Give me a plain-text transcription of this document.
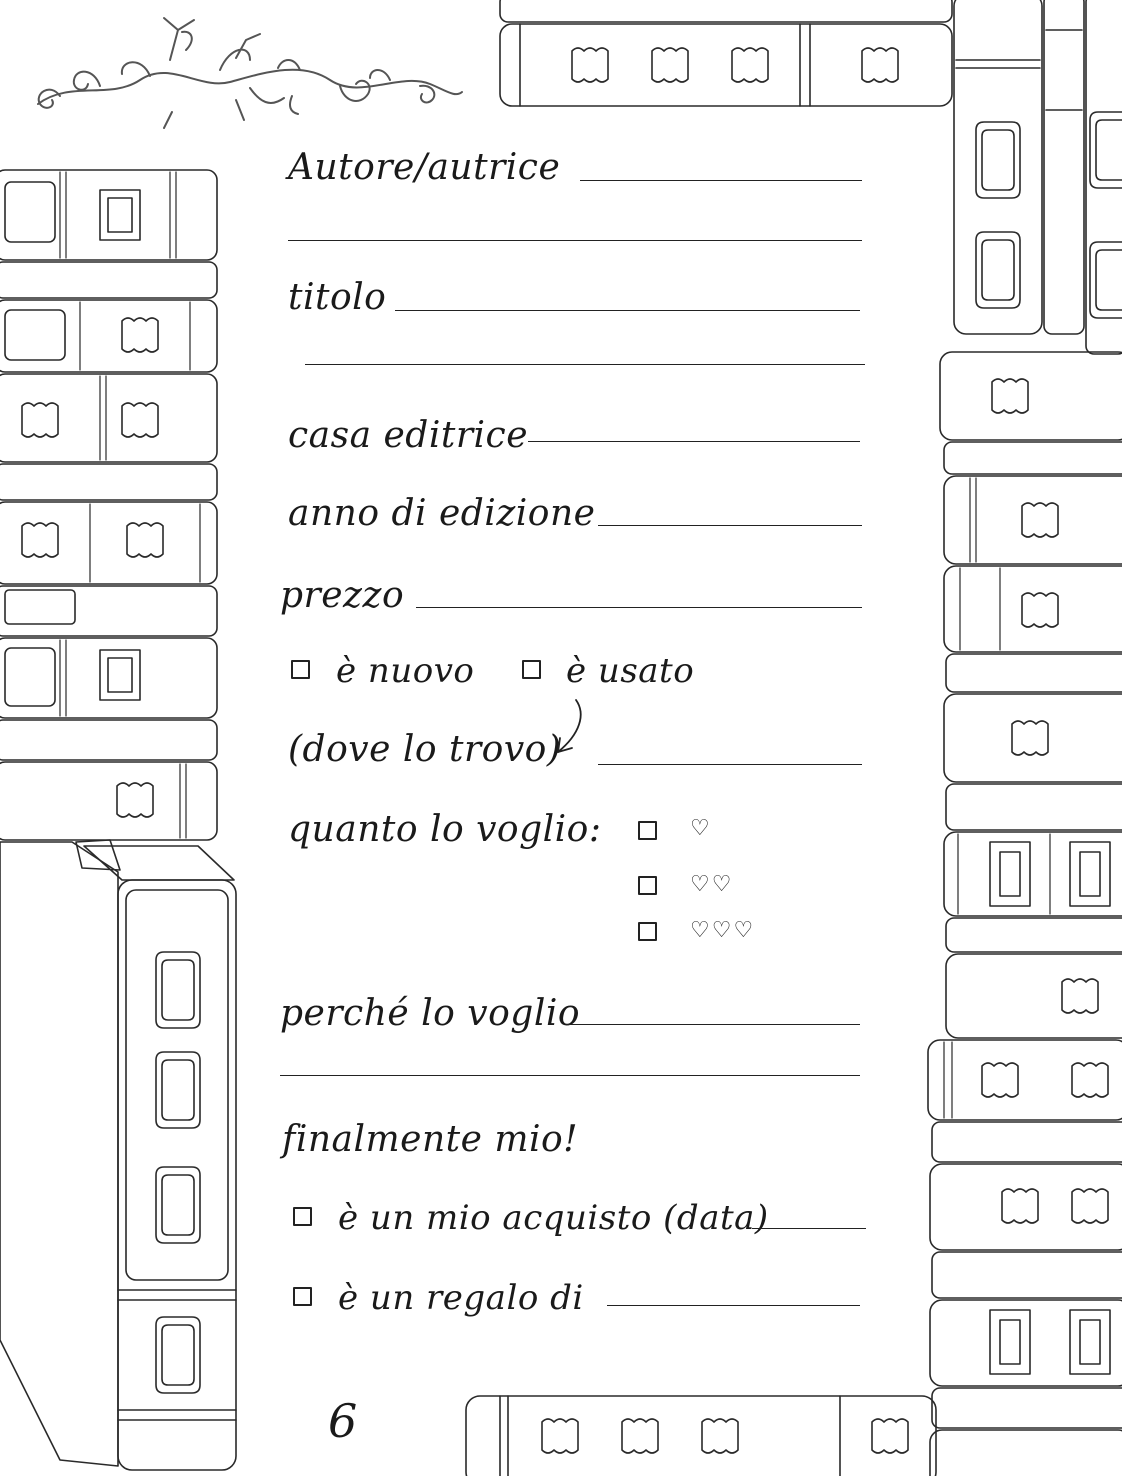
Autore/autrice
titolo
casa editrice
anno di edizione
prezzo
è nuovo	è usato
(dove lo trovo)
quanto lo voglio:	♡
♡♡
♡♡♡
perché lo voglio
finalmente mio!
è un mio acquisto (data)
è un regalo di
6
